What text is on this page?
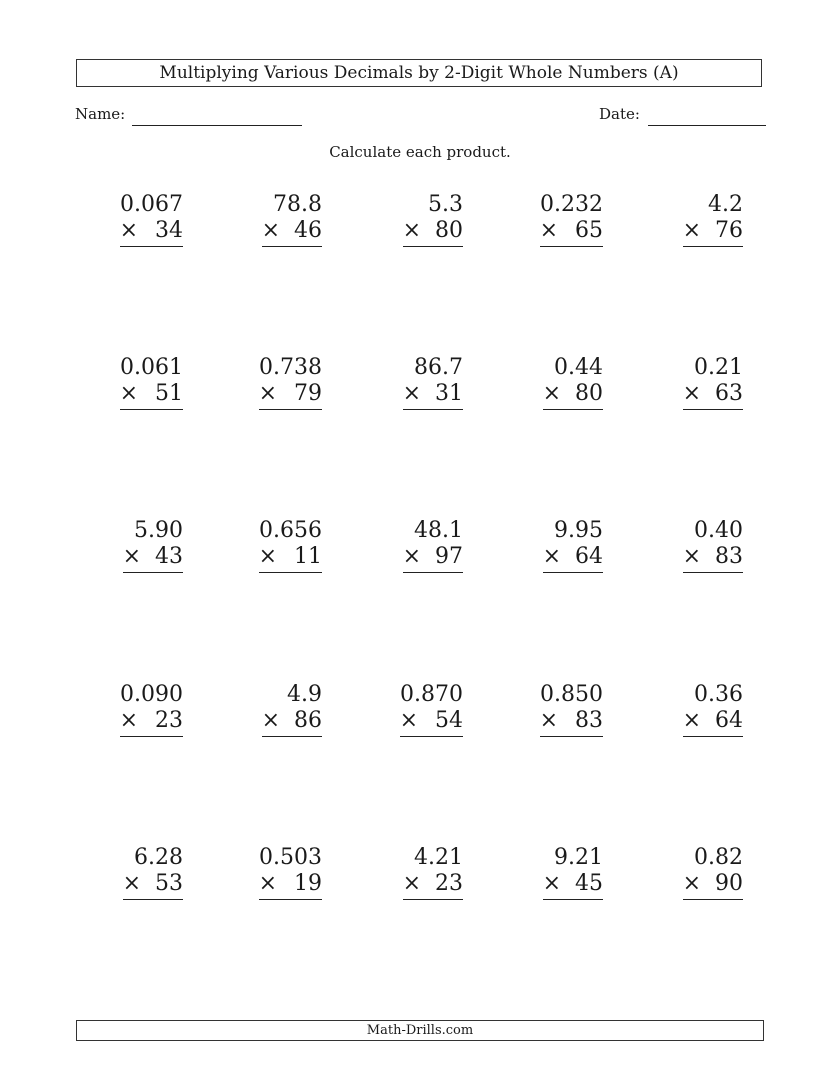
Multiplying Various Decimals by 2-Digit Whole Numbers (A)
Name:	Date:
Calculate each product.
0.067
× 34
78.8
× 46
5.3
× 80
0.232
× 65
4.2
× 76
0.061
× 51
0.738
× 79
86.7
× 31
0.44
× 80
0.21
× 63
5.90
× 43
0.656
× 11
48.1
× 97
9.95
× 64
0.40
× 83
0.090
× 23
4.9
× 86
0.870
× 54
0.850
× 83
0.36
× 64
6.28
× 53
0.503
× 19
4.21
× 23
9.21
× 45
0.82
× 90
Math-Drills.com
